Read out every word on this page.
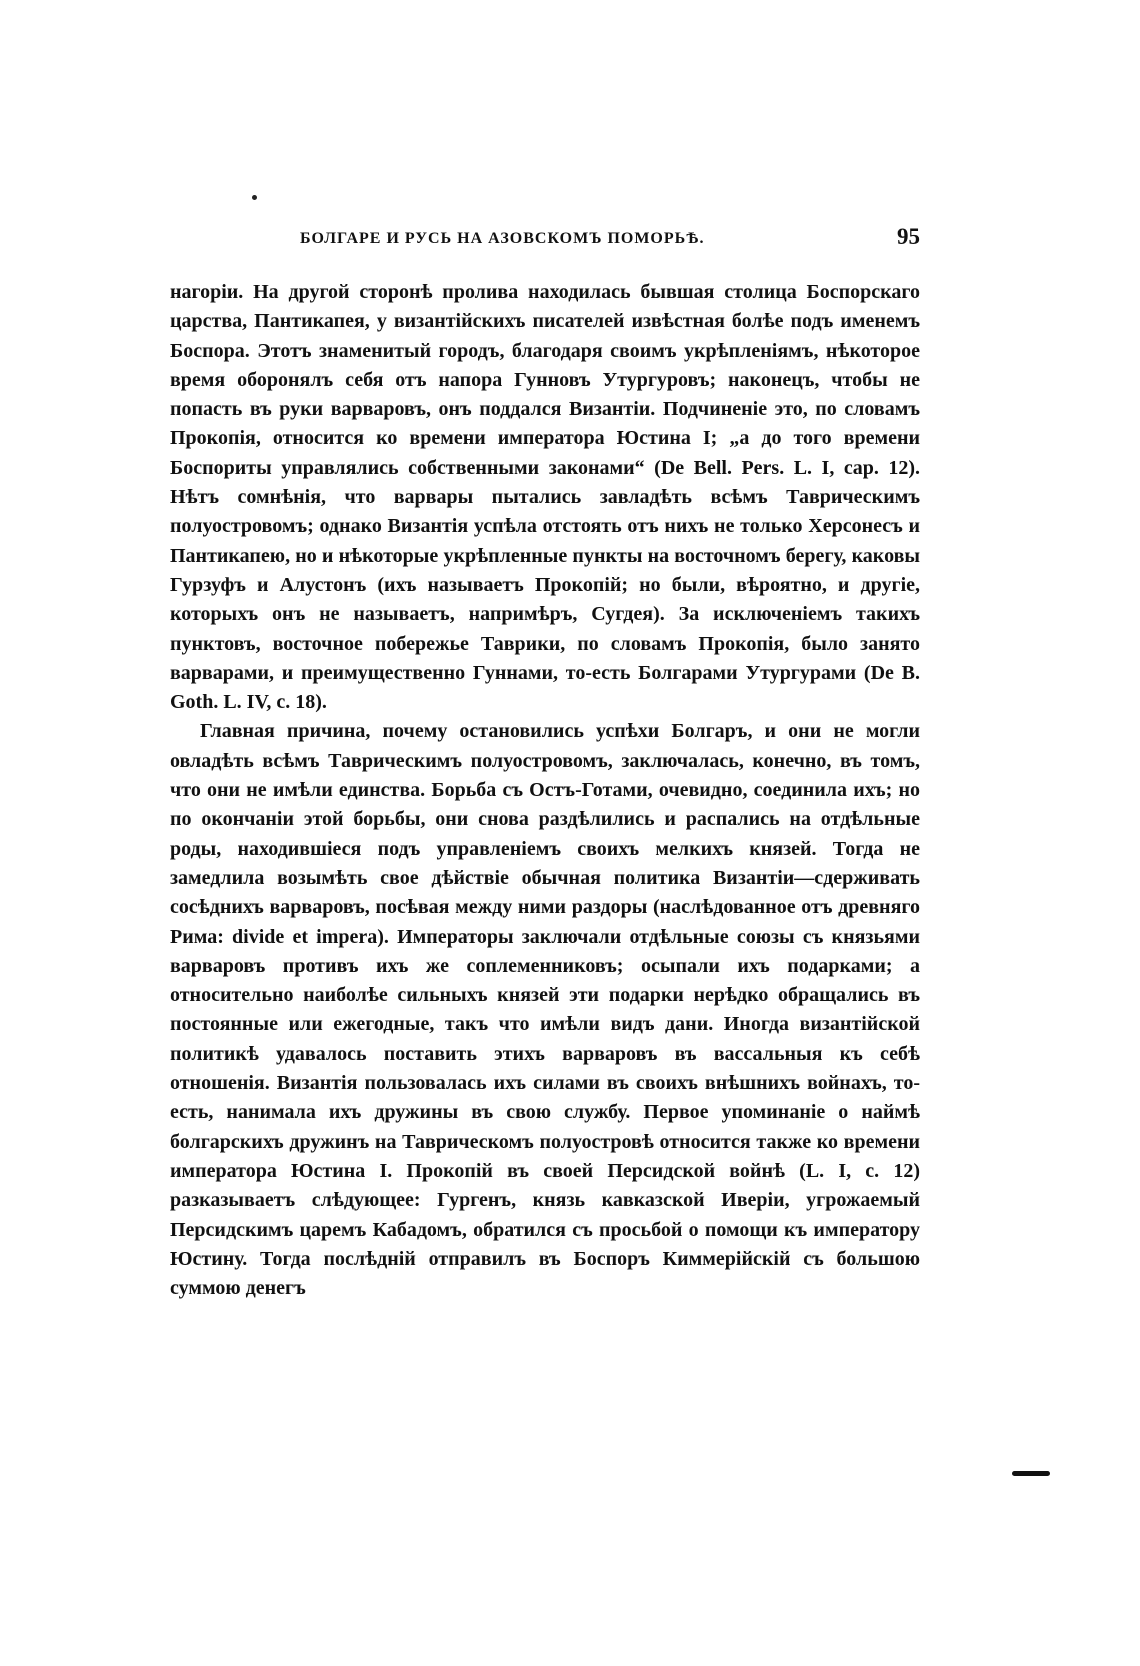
БОЛГАРЕ И РУСЬ НА АЗОВСКОМЪ ПОМОРЬѢ.	95

нагоріи. На другой сторонѣ пролива находилась бывшая столица Боспорскаго царства, Пантикапея, у византійскихъ писателей извѣстная болѣе подъ именемъ Боспора. Этотъ знаменитый городъ, благодаря своимъ укрѣпленіямъ, нѣкоторое время оборонялъ себя отъ напора Гунновъ Утургуровъ; наконецъ, чтобы не попасть въ руки варваровъ, онъ поддался Византіи. Подчиненіе это, по словамъ Прокопія, относится ко времени императора Юстина I; „а до того времени Боспориты управлялись собственными законами“ (De Bell. Pers. L. I, cap. 12). Нѣтъ сомнѣнія, что варвары пытались завладѣть всѣмъ Таврическимъ полуостровомъ; однако Византія успѣла отстоять отъ нихъ не только Херсонесъ и Пантикапею, но и нѣкоторые укрѣпленные пункты на восточномъ берегу, каковы Гурзуфъ и Алустонъ (ихъ называетъ Прокопій; но были, вѣроятно, и другіе, которыхъ онъ не называетъ, напримѣръ, Сугдея). За исключеніемъ такихъ пунктовъ, восточное побережье Таврики, по словамъ Прокопія, было занято варварами, и преимущественно Гуннами, то-есть Болгарами Утургурами (De B. Goth. L. IV, c. 18).

Главная причина, почему остановились успѣхи Болгаръ, и они не могли овладѣть всѣмъ Таврическимъ полуостровомъ, заключалась, конечно, въ томъ, что они не имѣли единства. Борьба съ Остъ-Готами, очевидно, соединила ихъ; но по окончаніи этой борьбы, они снова раздѣлились и распались на отдѣльные роды, находившіеся подъ управленіемъ своихъ мелкихъ князей. Тогда не замедлила возымѣть свое дѣйствіе обычная политика Византіи—сдерживать сосѣднихъ варваровъ, посѣвая между ними раздоры (наслѣдованное отъ древняго Рима: divide et impera). Императоры заключали отдѣльные союзы съ князьями варваровъ противъ ихъ же соплеменниковъ; осыпали ихъ подарками; а относительно наиболѣе сильныхъ князей эти подарки нерѣдко обращались въ постоянные или ежегодные, такъ что имѣли видъ дани. Иногда византійской политикѣ удавалось поставить этихъ варваровъ въ вассальныя къ себѣ отношенія. Византія пользовалась ихъ силами въ своихъ внѣшнихъ войнахъ, то-есть, нанимала ихъ дружины въ свою службу. Первое упоминаніе о наймѣ болгарскихъ дружинъ на Таврическомъ полуостровѣ относится также ко времени императора Юстина I. Прокопій въ своей Персидской войнѣ (L. I, c. 12) разказываетъ слѣдующее: Гургенъ, князь кавказской Иверіи, угрожаемый Персидскимъ царемъ Кабадомъ, обратился съ просьбой о помощи къ императору Юстину. Тогда послѣдній отправилъ въ Боспоръ Киммерійскій съ большою суммою денегъ
